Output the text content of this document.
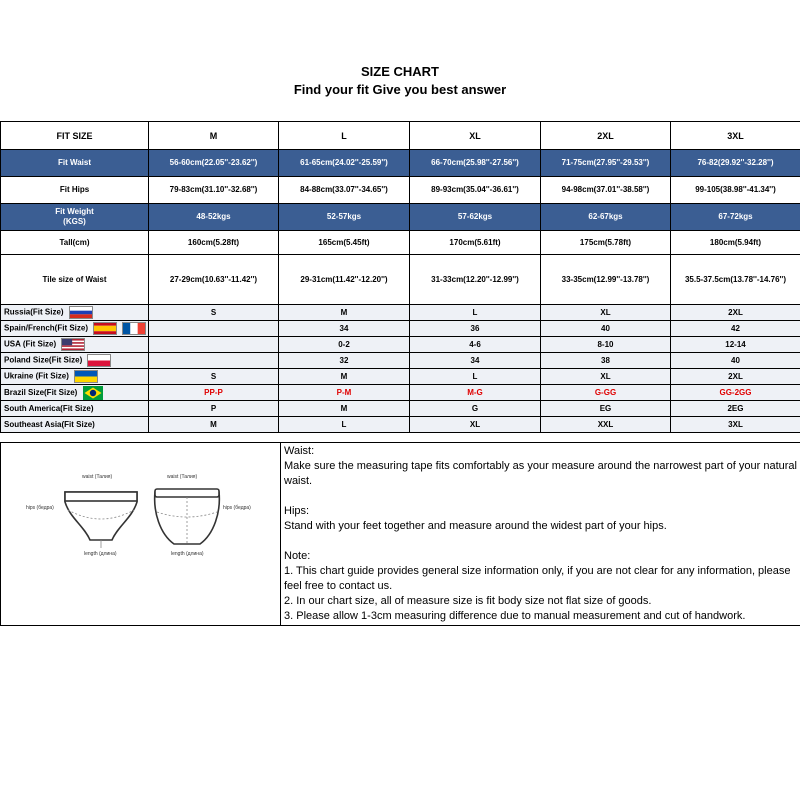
SIZE CHART
Find your fit Give you best answer
FIT SIZE	M	L	XL	2XL	3XL
Fit Waist	56-60cm(22.05''-23.62'')	61-65cm(24.02''-25.59'')	66-70cm(25.98''-27.56'')	71-75cm(27.95''-29.53'')	76-82(29.92''-32.28'')
Fit Hips	79-83cm(31.10''-32.68'')	84-88cm(33.07''-34.65'')	89-93cm(35.04''-36.61'')	94-98cm(37.01''-38.58'')	99-105(38.98''-41.34'')

Fit Weight
(KGS)	48-52kgs	52-57kgs	57-62kgs	62-67kgs	67-72kgs
Tall(cm)	160cm(5.28ft)	165cm(5.45ft)	170cm(5.61ft)	175cm(5.78ft)	180cm(5.94ft)
Tile size of Waist	27-29cm(10.63''-11.42'')	29-31cm(11.42''-12.20'')	31-33cm(12.20''-12.99'')	33-35cm(12.99''-13.78'')	35.5-37.5cm(13.78''-14.76'')
Russia(Fit Size)	S	M	L	XL	2XL
Spain/French(Fit Size)		34	36	40	42
USA (Fit Size)		0-2	4-6	8-10	12-14
Poland Size(Fit Size)		32	34	38	40
Ukraine (Fit Size)	S	M	L	XL	2XL
Brazil Size(Fit Size)	PP-P	P-M	M-G	G-GG	GG-2GG
South America(Fit Size)	P	M	G	EG	2EG
Southeast Asia(Fit Size)	M	L	XL	XXL	3XL
waist (Талия)	waist (Талия)
hips (бедра)	hips (бедра)
length (длина)	length (длина)

Waist:
Make sure the measuring tape fits comfortably as your measure around the narrowest part of your natural waist.
Hips:
Stand with your feet together and measure around the widest part of your hips.
Note:
1. This chart guide provides general size information only, if you are not clear for any information, please feel free to contact us.
2. In our chart size, all of measure size is fit body size not flat size of goods.
3. Please allow 1-3cm measuring difference due to manual measurement and cut of handwork.
